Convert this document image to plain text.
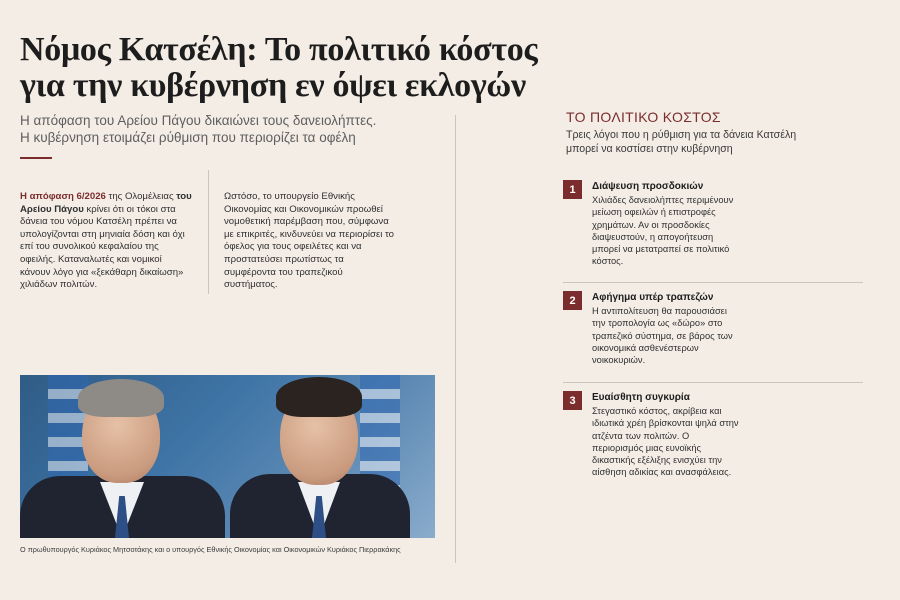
Νόμος Κατσέλη: Το πολιτικό κόστος
για την κυβέρνηση εν όψει εκλογών
Η απόφαση του Αρείου Πάγου δικαιώνει τους δανειολήπτες.
Η κυβέρνηση ετοιμάζει ρύθμιση που περιορίζει τα οφέλη
Η απόφαση 6/2026 της Ολομέλειας του Αρείου Πάγου κρίνει ότι οι τόκοι στα δάνεια του νόμου Κατσέλη πρέπει να υπολογίζονται στη μηνιαία δόση και όχι επί του συνολικού κεφαλαίου της οφειλής. Καταναλωτές και νομικοί κάνουν λόγο για «ξεκάθαρη δικαίωση» χιλιάδων πολιτών.
Ωστόσο, το υπουργείο Εθνικής Οικονομίας και Οικονομικών προωθεί νομοθετική παρέμβαση που, σύμφωνα με επικριτές, κινδυνεύει να περιορίσει το όφελος για τους οφειλέτες και να προστατεύσει πρωτίστως τα συμφέροντα του τραπεζικού συστήματος.
Ο πρωθυπουργός Κυριάκος Μητσοτάκης και ο υπουργός Εθνικής Οικονομίας και Οικονομικών Κυριάκος Πιερρακάκης
ΤΟ ΠΟΛΙΤΙΚΟ ΚΟΣΤΟΣ
Τρεις λόγοι που η ρύθμιση για τα δάνεια Κατσέλη μπορεί να κοστίσει στην κυβέρνηση
1	Διάψευση προσδοκιών
Χιλιάδες δανειολήπτες περιμένουν μείωση οφειλών ή επιστροφές χρημάτων. Αν οι προσδοκίες διαψευστούν, η απογοήτευση μπορεί να μετατραπεί σε πολιτικό κόστος.
2	Αφήγημα υπέρ τραπεζών
Η αντιπολίτευση θα παρουσιάσει την τροπολογία ως «δώρο» στο τραπεζικό σύστημα, σε βάρος των οικονομικά ασθενέστερων νοικοκυριών.
3	Ευαίσθητη συγκυρία
Στεγαστικό κόστος, ακρίβεια και ιδιωτικά χρέη βρίσκονται ψηλά στην ατζέντα των πολιτών. Ο περιορισμός μιας ευνοϊκής δικαστικής εξέλιξης ενισχύει την αίσθηση αδικίας και ανασφάλειας.
